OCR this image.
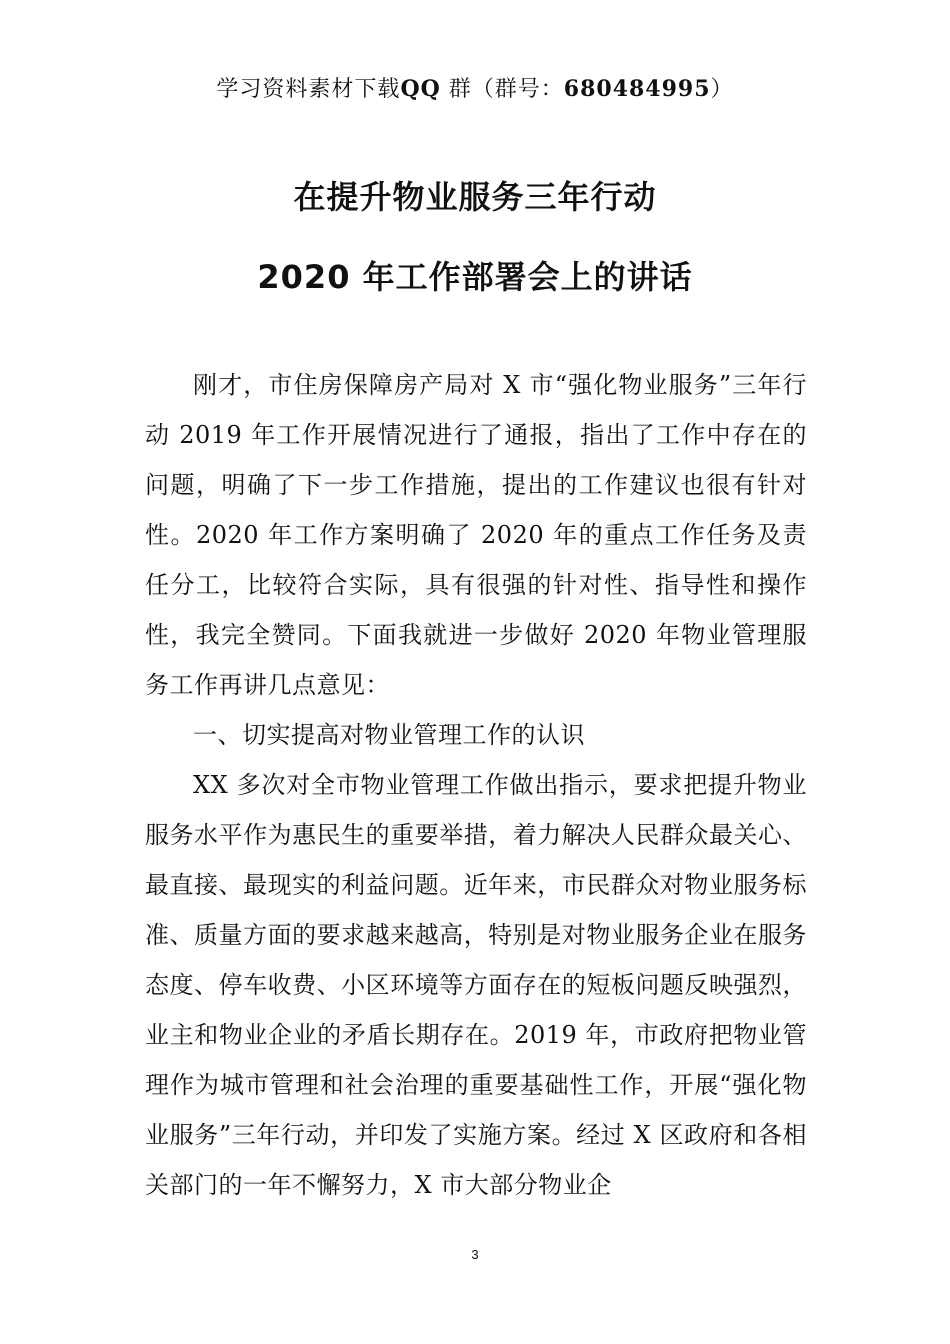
学习资料素材下载QQ 群（群号：680484995）
在提升物业服务三年行动
2020 年工作部署会上的讲话

刚才，市住房保障房产局对 X 市“强化物业服务”三年行动 2019 年工作开展情况进行了通报，指出了工作中存在的问题，明确了下一步工作措施，提出的工作建议也很有针对性。2020 年工作方案明确了 2020 年的重点工作任务及责任分工，比较符合实际，具有很强的针对性、指导性和操作性，我完全赞同。下面我就进一步做好 2020 年物业管理服务工作再讲几点意见：

一、切实提高对物业管理工作的认识

XX 多次对全市物业管理工作做出指示，要求把提升物业服务水平作为惠民生的重要举措，着力解决人民群众最关心、最直接、最现实的利益问题。近年来，市民群众对物业服务标准、质量方面的要求越来越高，特别是对物业服务企业在服务态度、停车收费、小区环境等方面存在的短板问题反映强烈，业主和物业企业的矛盾长期存在。2019 年，市政府把物业管理作为城市管理和社会治理的重要基础性工作，开展“强化物业服务”三年行动，并印发了实施方案。经过 X 区政府和各相关部门的一年不懈努力，X 市大部分物业企

3
